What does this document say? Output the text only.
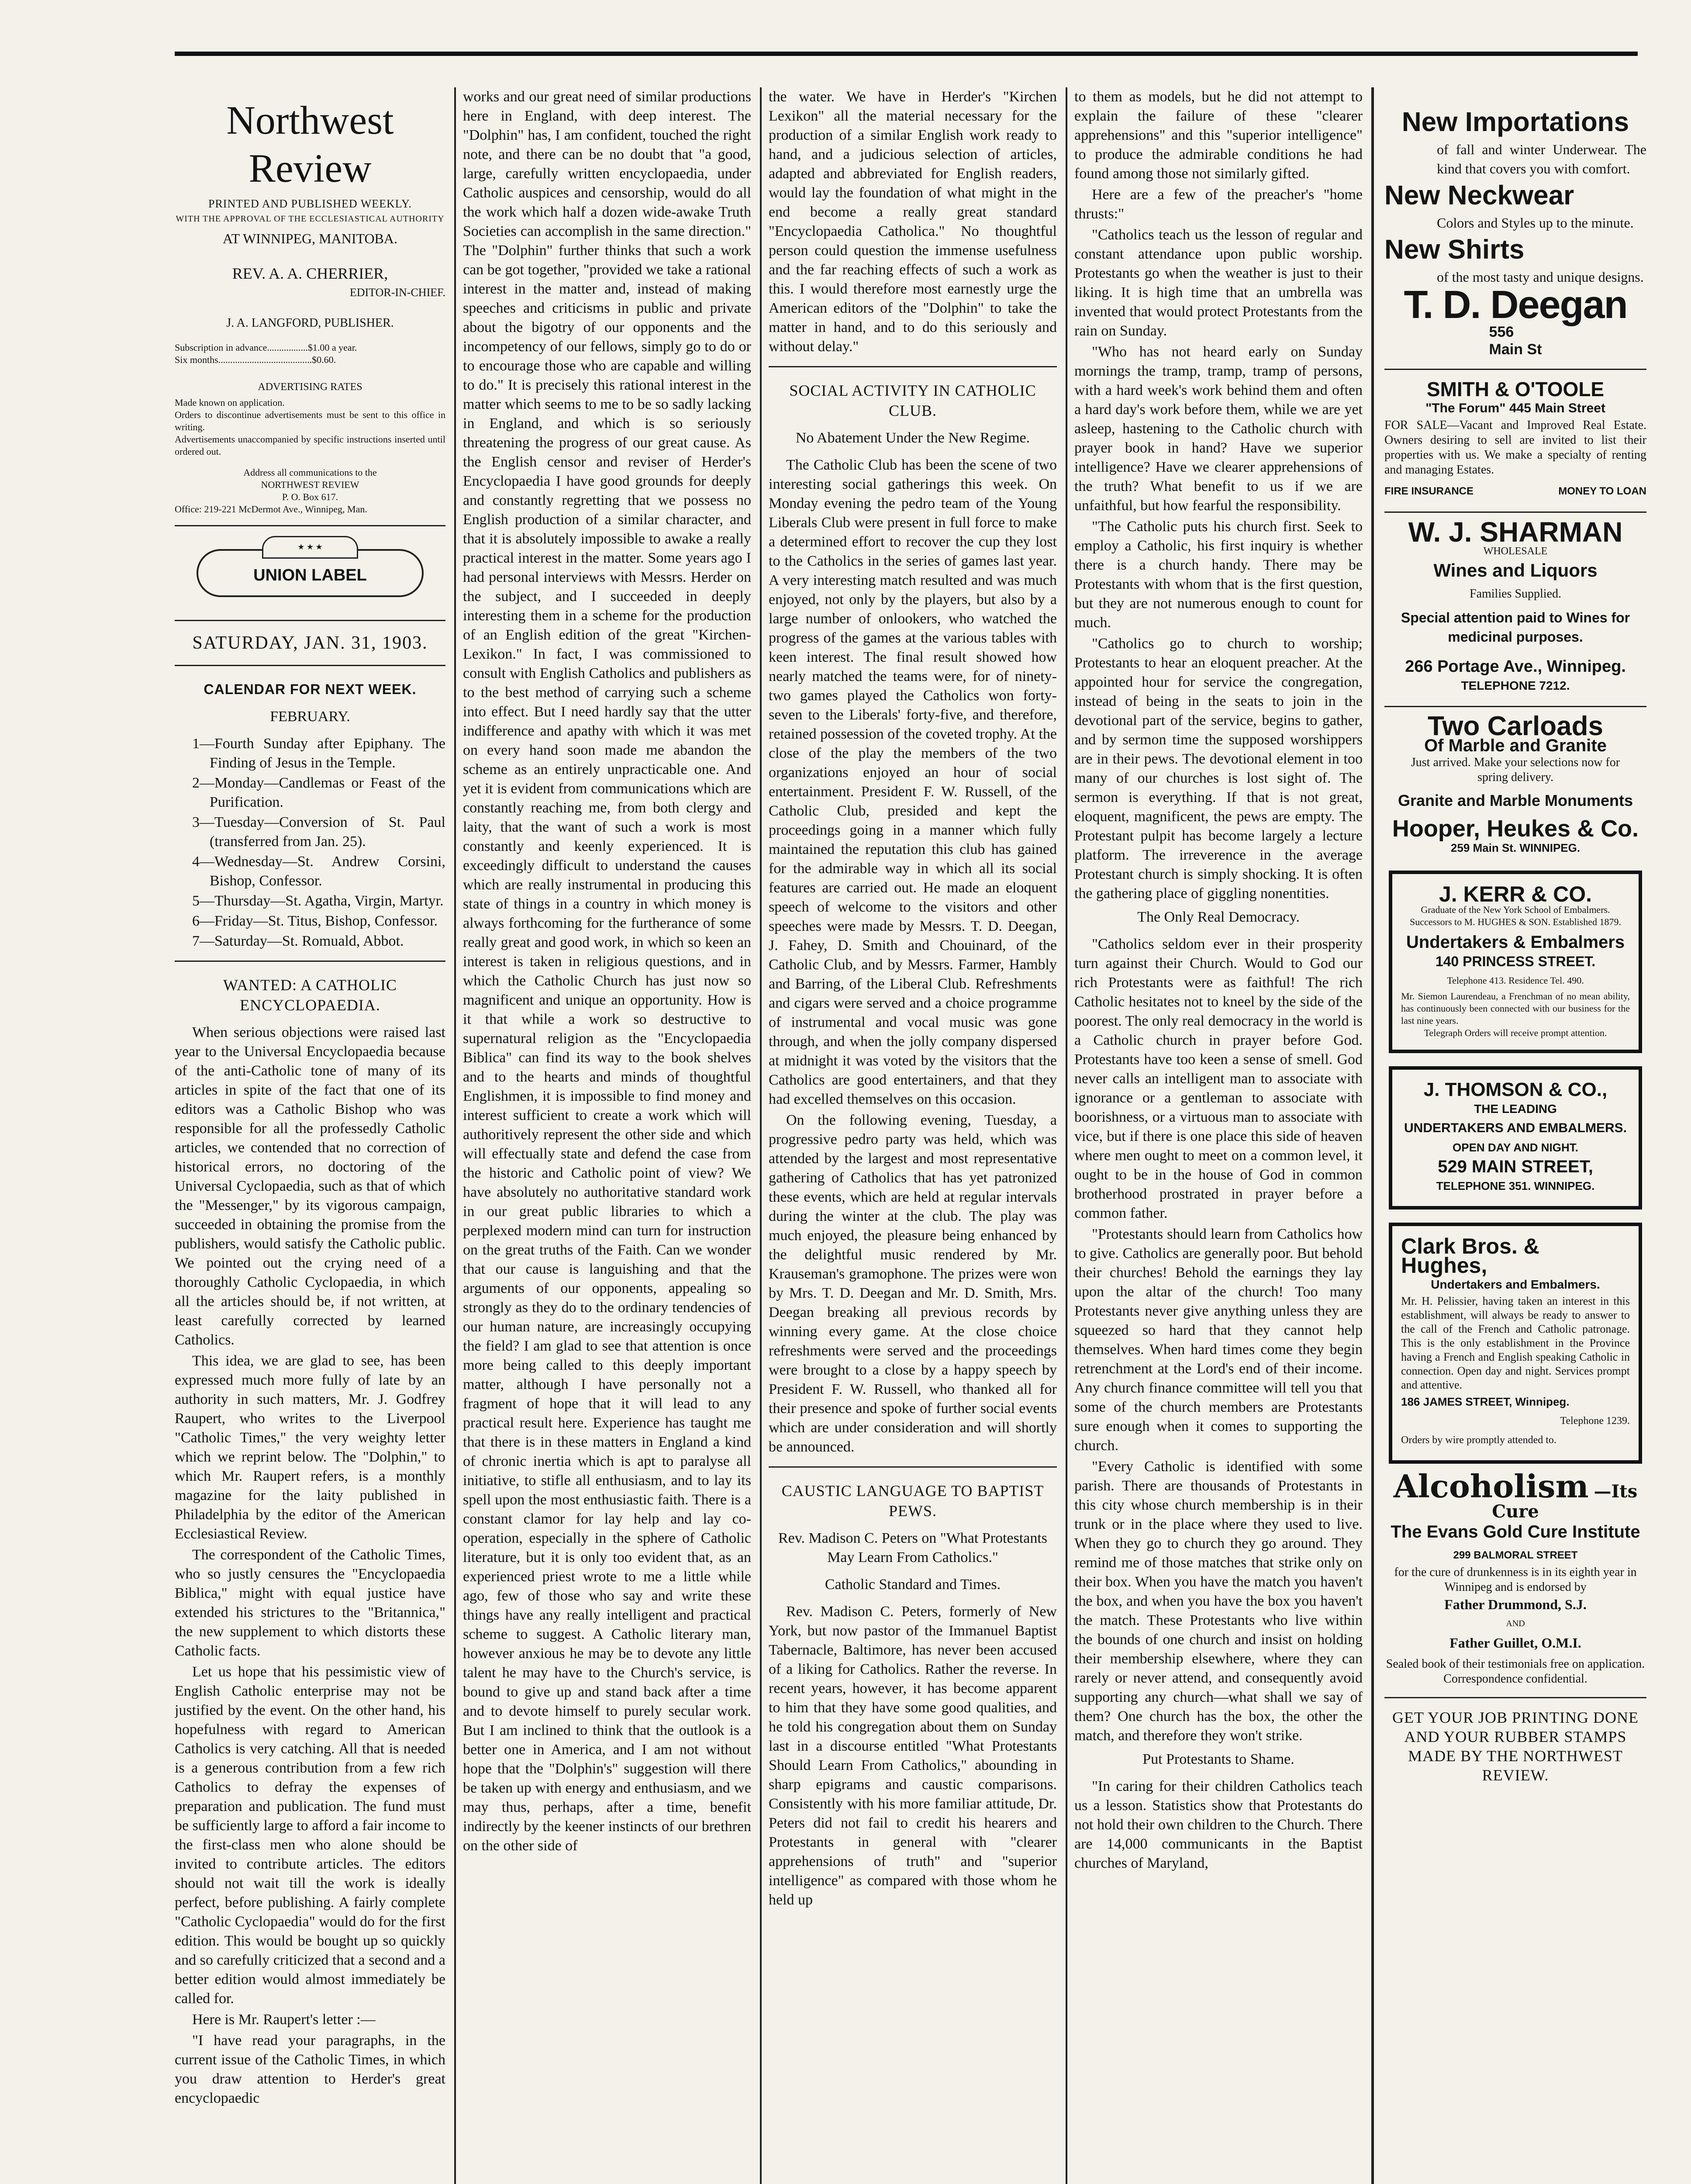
Northwest Review
PRINTED AND PUBLISHED WEEKLY.
WITH THE APPROVAL OF THE ECCLESIASTICAL AUTHORITY
AT WINNIPEG, MANITOBA.
REV. A. A. CHERRIER,
EDITOR-IN-CHIEF.
J. A. LANGFORD, PUBLISHER.
Subscription in advance.................$1.00 a year.
Six months.......................................$0.60.
ADVERTISING RATES
Made known on application.
Orders to discontinue advertisements must be sent to this office in writing.
Advertisements unaccompanied by specific instructions inserted until ordered out.
Address all communications to the
NORTHWEST REVIEW
P. O. Box 617.
Office: 219-221 McDermot Ave., Winnipeg, Man.
★ ★ ★
UNION LABEL
SATURDAY, JAN. 31, 1903.
CALENDAR FOR NEXT WEEK.
FEBRUARY.
1—Fourth Sunday after Epiphany. The Finding of Jesus in the Temple.
2—Monday—Candlemas or Feast of the Purification.
3—Tuesday—Conversion of St. Paul (transferred from Jan. 25).
4—Wednesday—St. Andrew Corsini, Bishop, Confessor.
5—Thursday—St. Agatha, Virgin, Martyr.
6—Friday—St. Titus, Bishop, Confessor.
7—Saturday—St. Romuald, Abbot.
WANTED: A CATHOLIC ENCYCLOPAEDIA.

When serious objections were raised last year to the Universal Encyclopaedia because of the anti-Catholic tone of many of its articles in spite of the fact that one of its editors was a Catholic Bishop who was responsible for all the professedly Catholic articles, we contended that no correction of historical errors, no doctoring of the Universal Cyclopaedia, such as that of which the "Messenger," by its vigorous campaign, succeeded in obtaining the promise from the publishers, would satisfy the Catholic public. We pointed out the crying need of a thoroughly Catholic Cyclopaedia, in which all the articles should be, if not written, at least carefully corrected by learned Catholics.

This idea, we are glad to see, has been expressed much more fully of late by an authority in such matters, Mr. J. Godfrey Raupert, who writes to the Liverpool "Catholic Times," the very weighty letter which we reprint below. The "Dolphin," to which Mr. Raupert refers, is a monthly magazine for the laity published in Philadelphia by the editor of the American Ecclesiastical Review.

The correspondent of the Catholic Times, who so justly censures the "Encyclopaedia Biblica," might with equal justice have extended his strictures to the "Britannica," the new supplement to which distorts these Catholic facts.

Let us hope that his pessimistic view of English Catholic enterprise may not be justified by the event. On the other hand, his hopefulness with regard to American Catholics is very catching. All that is needed is a generous contribution from a few rich Catholics to defray the expenses of preparation and publication. The fund must be sufficiently large to afford a fair income to the first-class men who alone should be invited to contribute articles. The editors should not wait till the work is ideally perfect, before publishing. A fairly complete "Catholic Cyclopaedia" would do for the first edition. This would be bought up so quickly and so carefully criticized that a second and a better edition would almost immediately be called for.

Here is Mr. Raupert's letter :—

"I have read your paragraphs, in the current issue of the Catholic Times, in which you draw attention to Herder's great encyclopaedic

works and our great need of similar productions here in England, with deep interest. The "Dolphin" has, I am confident, touched the right note, and there can be no doubt that "a good, large, carefully written encyclopaedia, under Catholic auspices and censorship, would do all the work which half a dozen wide-awake Truth Societies can accomplish in the same direction." The "Dolphin" further thinks that such a work can be got together, "provided we take a rational interest in the matter and, instead of making speeches and criticisms in public and private about the bigotry of our opponents and the incompetency of our fellows, simply go to do or to encourage those who are capable and willing to do." It is precisely this rational interest in the matter which seems to me to be so sadly lacking in England, and which is so seriously threatening the progress of our great cause. As the English censor and reviser of Herder's Encyclopaedia I have good grounds for deeply and constantly regretting that we possess no English production of a similar character, and that it is absolutely impossible to awake a really practical interest in the matter. Some years ago I had personal interviews with Messrs. Herder on the subject, and I succeeded in deeply interesting them in a scheme for the production of an English edition of the great "Kirchen-Lexikon." In fact, I was commissioned to consult with English Catholics and publishers as to the best method of carrying such a scheme into effect. But I need hardly say that the utter indifference and apathy with which it was met on every hand soon made me abandon the scheme as an entirely unpracticable one. And yet it is evident from communications which are constantly reaching me, from both clergy and laity, that the want of such a work is most constantly and keenly experienced. It is exceedingly difficult to understand the causes which are really instrumental in producing this state of things in a country in which money is always forthcoming for the furtherance of some really great and good work, in which so keen an interest is taken in religious questions, and in which the Catholic Church has just now so magnificent and unique an opportunity. How is it that while a work so destructive to supernatural religion as the "Encyclopaedia Biblica" can find its way to the book shelves and to the hearts and minds of thoughtful Englishmen, it is impossible to find money and interest sufficient to create a work which will authoritively represent the other side and which will effectually state and defend the case from the historic and Catholic point of view? We have absolutely no authoritative standard work in our great public libraries to which a perplexed modern mind can turn for instruction on the great truths of the Faith. Can we wonder that our cause is languishing and that the arguments of our opponents, appealing so strongly as they do to the ordinary tendencies of our human nature, are increasingly occupying the field? I am glad to see that attention is once more being called to this deeply important matter, although I have personally not a fragment of hope that it will lead to any practical result here. Experience has taught me that there is in these matters in England a kind of chronic inertia which is apt to paralyse all initiative, to stifle all enthusiasm, and to lay its spell upon the most enthusiastic faith. There is a constant clamor for lay help and lay co-operation, especially in the sphere of Catholic literature, but it is only too evident that, as an experienced priest wrote to me a little while ago, few of those who say and write these things have any really intelligent and practical scheme to suggest. A Catholic literary man, however anxious he may be to devote any little talent he may have to the Church's service, is bound to give up and stand back after a time and to devote himself to purely secular work. But I am inclined to think that the outlook is a better one in America, and I am not without hope that the "Dolphin's" suggestion will there be taken up with energy and enthusiasm, and we may thus, perhaps, after a time, benefit indirectly by the keener instincts of our brethren on the other side of

the water. We have in Herder's "Kirchen Lexikon" all the material necessary for the production of a similar English work ready to hand, and a judicious selection of articles, adapted and abbreviated for English readers, would lay the foundation of what might in the end become a really great standard "Encyclopaedia Catholica." No thoughtful person could question the immense usefulness and the far reaching effects of such a work as this. I would therefore most earnestly urge the American editors of the "Dolphin" to take the matter in hand, and to do this seriously and without delay."

SOCIAL ACTIVITY IN CATHOLIC CLUB.
No Abatement Under the New Regime.

The Catholic Club has been the scene of two interesting social gatherings this week. On Monday evening the pedro team of the Young Liberals Club were present in full force to make a determined effort to recover the cup they lost to the Catholics in the series of games last year. A very interesting match resulted and was much enjoyed, not only by the players, but also by a large number of onlookers, who watched the progress of the games at the various tables with keen interest. The final result showed how nearly matched the teams were, for of ninety-two games played the Catholics won forty-seven to the Liberals' forty-five, and therefore, retained possession of the coveted trophy. At the close of the play the members of the two organizations enjoyed an hour of social entertainment. President F. W. Russell, of the Catholic Club, presided and kept the proceedings going in a manner which fully maintained the reputation this club has gained for the admirable way in which all its social features are carried out. He made an eloquent speech of welcome to the visitors and other speeches were made by Messrs. T. D. Deegan, J. Fahey, D. Smith and Chouinard, of the Catholic Club, and by Messrs. Farmer, Hambly and Barring, of the Liberal Club. Refreshments and cigars were served and a choice programme of instrumental and vocal music was gone through, and when the jolly company dispersed at midnight it was voted by the visitors that the Catholics are good entertainers, and that they had excelled themselves on this occasion.

On the following evening, Tuesday, a progressive pedro party was held, which was attended by the largest and most representative gathering of Catholics that has yet patronized these events, which are held at regular intervals during the winter at the club. The play was much enjoyed, the pleasure being enhanced by the delightful music rendered by Mr. Krauseman's gramophone. The prizes were won by Mrs. T. D. Deegan and Mr. D. Smith, Mrs. Deegan breaking all previous records by winning every game. At the close choice refreshments were served and the proceedings were brought to a close by a happy speech by President F. W. Russell, who thanked all for their presence and spoke of further social events which are under consideration and will shortly be announced.

CAUSTIC LANGUAGE TO BAPTIST PEWS.
Rev. Madison C. Peters on "What Protestants May Learn From Catholics."
Catholic Standard and Times.

Rev. Madison C. Peters, formerly of New York, but now pastor of the Immanuel Baptist Tabernacle, Baltimore, has never been accused of a liking for Catholics. Rather the reverse. In recent years, however, it has become apparent to him that they have some good qualities, and he told his congregation about them on Sunday last in a discourse entitled "What Protestants Should Learn From Catholics," abounding in sharp epigrams and caustic comparisons. Consistently with his more familiar attitude, Dr. Peters did not fail to credit his hearers and Protestants in general with "clearer apprehensions of truth" and "superior intelligence" as compared with those whom he held up

to them as models, but he did not attempt to explain the failure of these "clearer apprehensions" and this "superior intelligence" to produce the admirable conditions he had found among those not similarly gifted.

Here are a few of the preacher's "home thrusts:"

"Catholics teach us the lesson of regular and constant attendance upon public worship. Protestants go when the weather is just to their liking. It is high time that an umbrella was invented that would protect Protestants from the rain on Sunday.

"Who has not heard early on Sunday mornings the tramp, tramp, tramp of persons, with a hard week's work behind them and often a hard day's work before them, while we are yet asleep, hastening to the Catholic church with prayer book in hand? Have we superior intelligence? Have we clearer apprehensions of the truth? What benefit to us if we are unfaithful, but how fearful the responsibility.

"The Catholic puts his church first. Seek to employ a Catholic, his first inquiry is whether there is a church handy. There may be Protestants with whom that is the first question, but they are not numerous enough to count for much.

"Catholics go to church to worship; Protestants to hear an eloquent preacher. At the appointed hour for service the congregation, instead of being in the seats to join in the devotional part of the service, begins to gather, and by sermon time the supposed worshippers are in their pews. The devotional element in too many of our churches is lost sight of. The sermon is everything. If that is not great, eloquent, magnificent, the pews are empty. The Protestant pulpit has become largely a lecture platform. The irreverence in the average Protestant church is simply shocking. It is often the gathering place of giggling nonentities.

The Only Real Democracy.

"Catholics seldom ever in their prosperity turn against their Church. Would to God our rich Protestants were as faithful! The rich Catholic hesitates not to kneel by the side of the poorest. The only real democracy in the world is a Catholic church in prayer before God. Protestants have too keen a sense of smell. God never calls an intelligent man to associate with ignorance or a gentleman to associate with boorishness, or a virtuous man to associate with vice, but if there is one place this side of heaven where men ought to meet on a common level, it ought to be in the house of God in common brotherhood prostrated in prayer before a common father.

"Protestants should learn from Catholics how to give. Catholics are generally poor. But behold their churches! Behold the earnings they lay upon the altar of the church! Too many Protestants never give anything unless they are squeezed so hard that they cannot help themselves. When hard times come they begin retrenchment at the Lord's end of their income. Any church finance committee will tell you that some of the church members are Protestants sure enough when it comes to supporting the church.

"Every Catholic is identified with some parish. There are thousands of Protestants in this city whose church membership is in their trunk or in the place where they used to live. When they go to church they go around. They remind me of those matches that strike only on their box. When you have the match you haven't the box, and when you have the box you haven't the match. These Protestants who live within the bounds of one church and insist on holding their membership elsewhere, where they can rarely or never attend, and consequently avoid supporting any church—what shall we say of them? One church has the box, the other the match, and therefore they won't strike.

Put Protestants to Shame.

"In caring for their children Catholics teach us a lesson. Statistics show that Protestants do not hold their own children to the Church. There are 14,000 communicants in the Baptist churches of Maryland,

New Importations
of fall and winter Underwear. The kind that covers you with comfort.
New Neckwear
Colors and Styles up to the minute.
New Shirts
of the most tasty and unique designs.
T. D. Deegan
556
Main St
SMITH & O'TOOLE
"The Forum" 445 Main Street
FOR SALE—Vacant and Improved Real Estate. Owners desiring to sell are invited to list their properties with us. We make a specialty of renting and managing Estates.
FIRE INSURANCE	MONEY TO LOAN
W. J. SHARMAN
WHOLESALE
Wines and Liquors
Families Supplied.
Special attention paid to Wines for medicinal purposes.
266 Portage Ave., Winnipeg.
TELEPHONE 7212.
Two Carloads
Of Marble and Granite
Just arrived. Make your selections now for spring delivery.
Granite and Marble Monuments
Hooper, Heukes & Co.
259 Main St. WINNIPEG.
J. KERR & CO.
Graduate of the New York School of Embalmers.
Successors to M. HUGHES & SON. Established 1879.
Undertakers & Embalmers
140 PRINCESS STREET.
Telephone 413. Residence Tel. 490.
Mr. Siemon Laurendeau, a Frenchman of no mean ability, has continuously been connected with our business for the last nine years.
Telegraph Orders will receive prompt attention.
J. THOMSON & CO.,
THE LEADING
UNDERTAKERS AND EMBALMERS.
OPEN DAY AND NIGHT.
529 MAIN STREET,
TELEPHONE 351. WINNIPEG.
Clark Bros. & Hughes,
Undertakers and Embalmers.
Mr. H. Pelissier, having taken an interest in this establishment, will always be ready to answer to the call of the French and Catholic patronage. This is the only establishment in the Province having a French and English speaking Catholic in connection. Open day and night. Services prompt and attentive.
186 JAMES STREET, Winnipeg.
Telephone 1239.
Orders by wire promptly attended to.
Alcoholism —Its Cure
The Evans Gold Cure Institute
299 BALMORAL STREET
for the cure of drunkenness is in its eighth year in Winnipeg and is endorsed by
Father Drummond, S.J.
AND
Father Guillet, O.M.I.
Sealed book of their testimonials free on application. Correspondence confidential.
GET YOUR JOB PRINTING DONE AND YOUR RUBBER STAMPS MADE BY THE NORTHWEST REVIEW.
